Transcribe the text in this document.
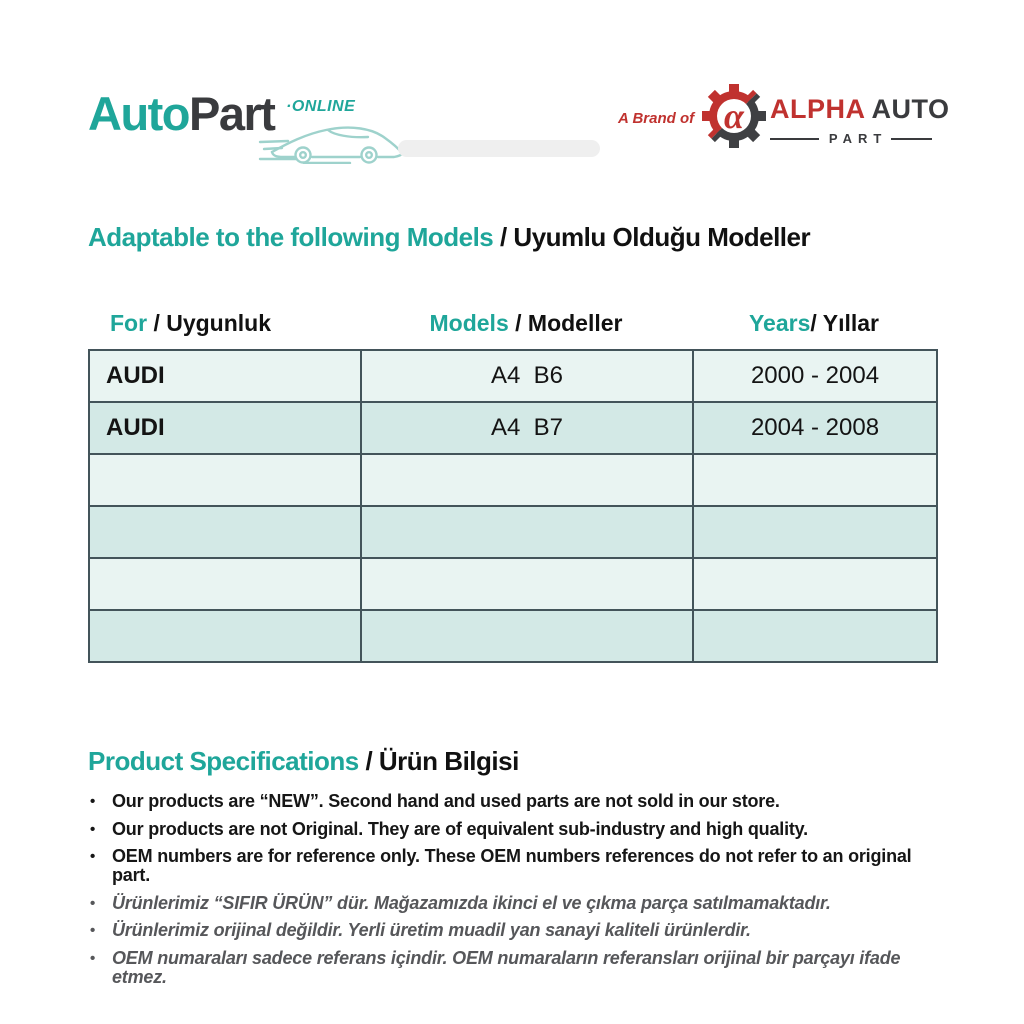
AutoPart ·ONLINE
A Brand of α ALPHA AUTO
PART
Adaptable to the following Models / Uyumlu Olduğu Modeller
For / Uygunluk	Models / Modeller	Years/ Yıllar
AUDI	A4  B6	2000 - 2004
AUDI	A4  B7	2004 - 2008

Product Specifications / Ürün Bilgisi
• Our products are “NEW”. Second hand and used parts are not sold in our store.
• Our products are not Original. They are of equivalent sub-industry and high quality.
• OEM numbers are for reference only. These OEM numbers references do not refer to an original part.
• Ürünlerimiz “SIFIR ÜRÜN” dür. Mağazamızda ikinci el ve çıkma parça satılmamaktadır.
• Ürünlerimiz orijinal değildir. Yerli üretim muadil yan sanayi kaliteli ürünlerdir.
• OEM numaraları sadece referans içindir. OEM numaraların referansları orijinal bir parçayı ifade etmez.
